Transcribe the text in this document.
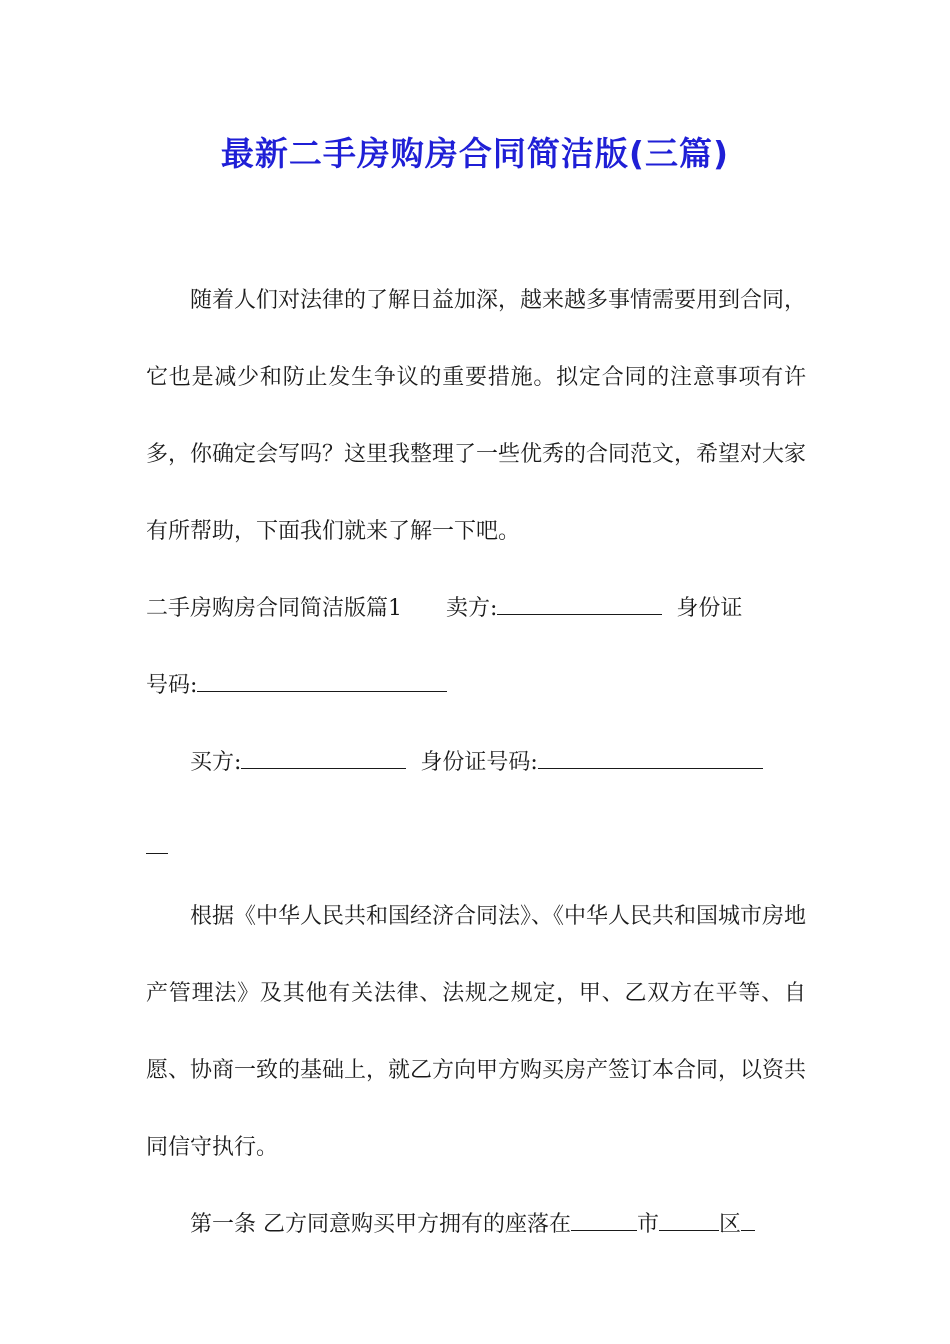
最新二手房购房合同简洁版(三篇)

随着人们对法律的了解日益加深，越来越多事情需要用到合同，它也是减少和防止发生争议的重要措施。拟定合同的注意事项有许多，你确定会写吗？这里我整理了一些优秀的合同范文，希望对大家有所帮助，下面我们就来了解一下吧。

二手房购房合同简洁版篇1 卖方:	身份证

号码:

买方:	身份证号码:

根据《中华人民共和国经济合同法》、《中华人民共和国城市房地产管理法》及其他有关法律、法规之规定，甲、乙双方在平等、自愿、协商一致的基础上，就乙方向甲方购买房产签订本合同，以资共同信守执行。

第一条 乙方同意购买甲方拥有的座落在	市	区
